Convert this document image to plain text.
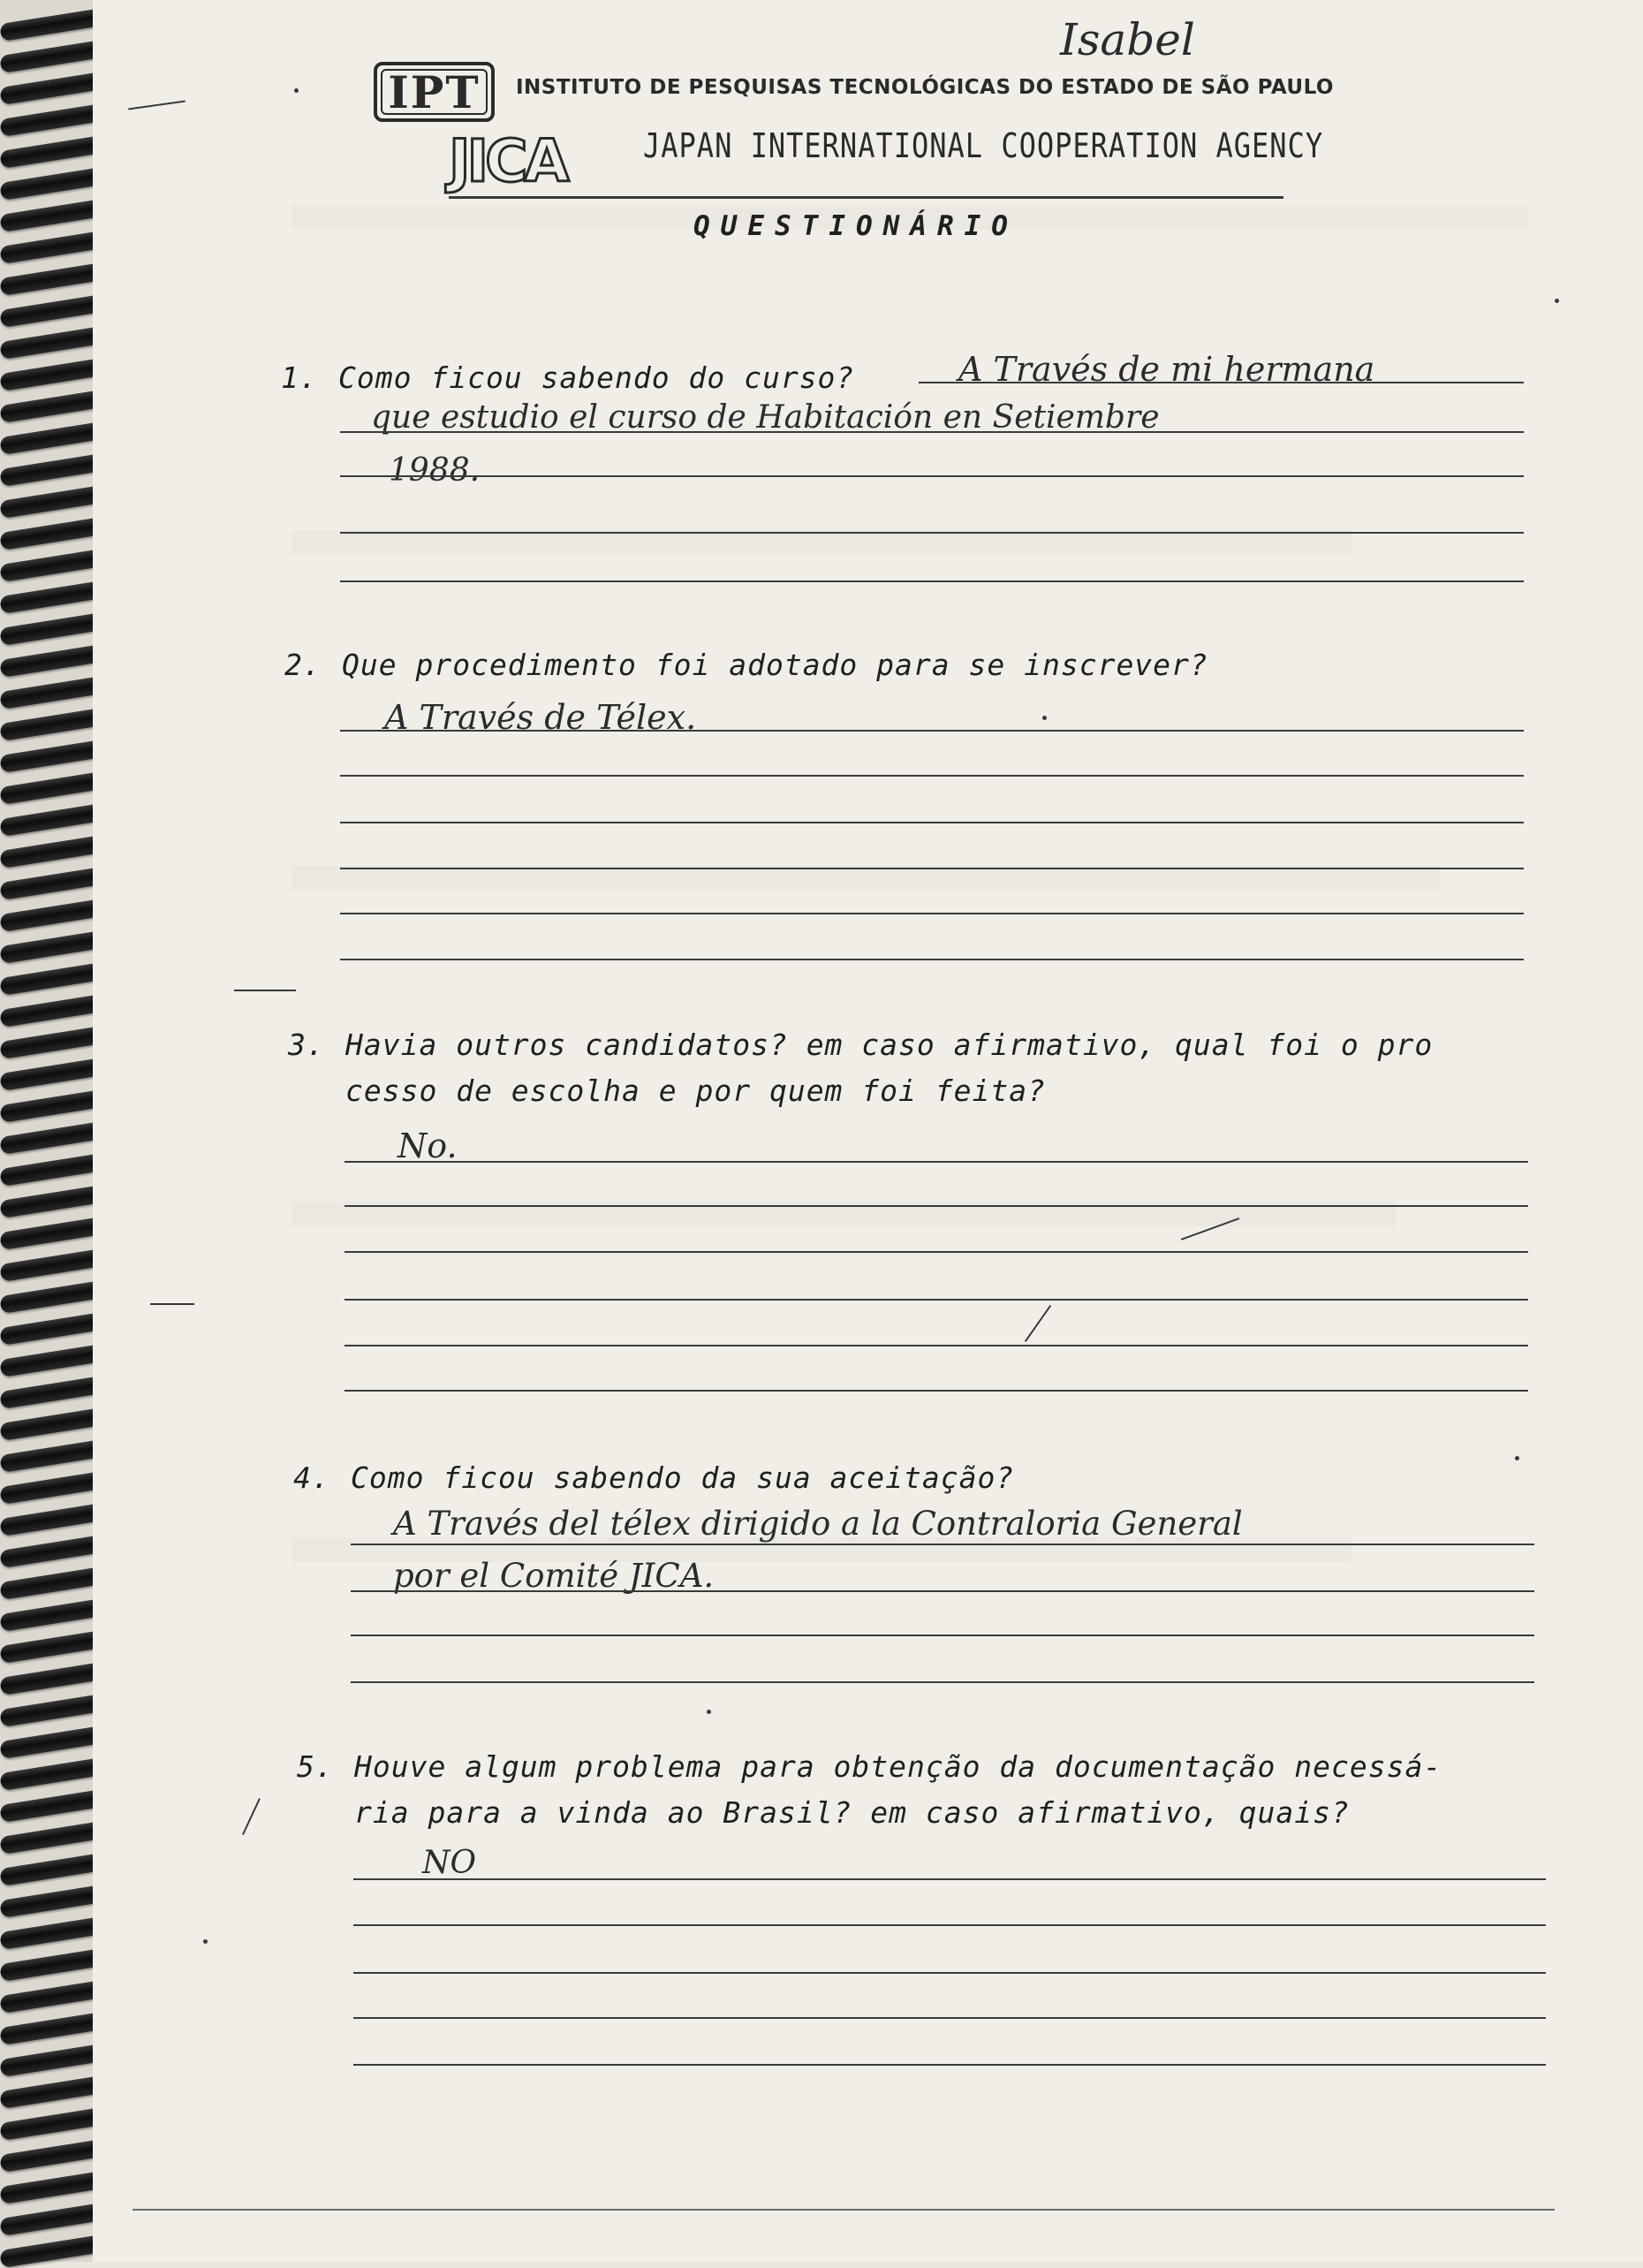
Isabel
IPT	INSTITUTO DE PESQUISAS TECNOLÓGICAS DO ESTADO DE SÃO PAULO
JICA	JAPAN INTERNATIONAL COOPERATION AGENCY
QUESTIONÁRIO
1. Como ficou sabendo do curso?	A Través de mi hermana
que estudio el curso de Habitación en Setiembre
1988.
2. Que procedimento foi adotado para se inscrever?
A Través de Télex.
3. Havia outros candidatos? em caso afirmativo, qual foi o pro
cesso de escolha e por quem foi feita?
No.
4. Como ficou sabendo da sua aceitação?
A Través del télex dirigido a la Contraloria General
por el Comité JICA.
5. Houve algum problema para obtenção da documentação necessá-
ria para a vinda ao Brasil? em caso afirmativo, quais?
NO
